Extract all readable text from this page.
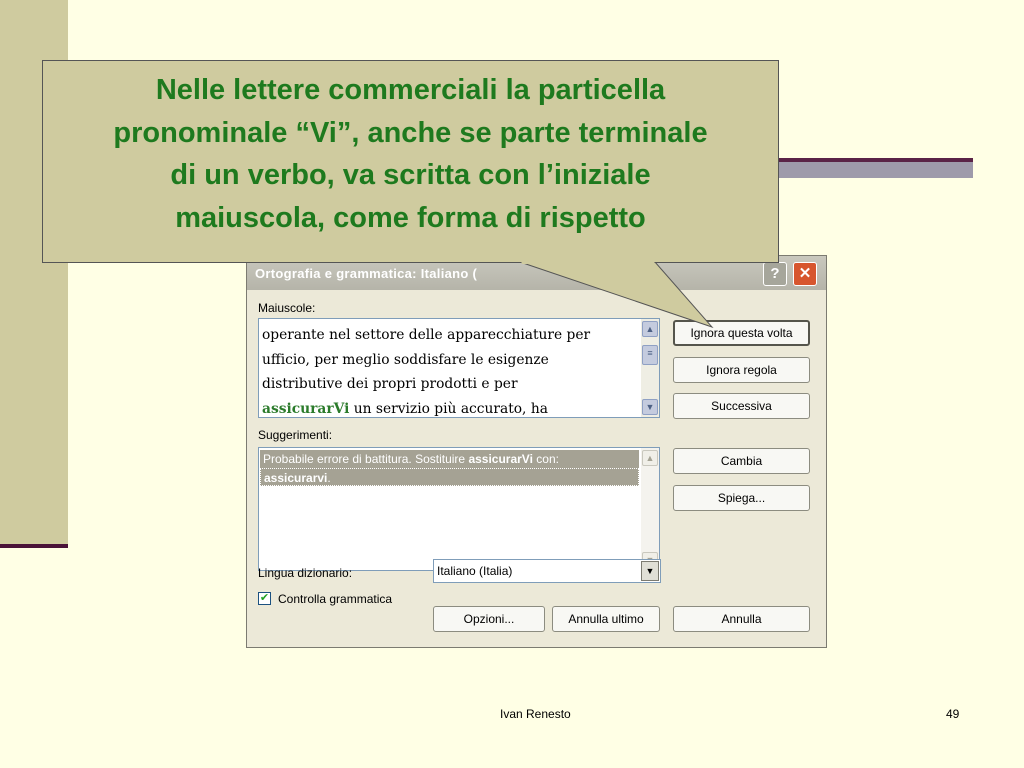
Ortografia e grammatica: Italiano (	?	✕
Maiuscole:
operante nel settore delle apparecchiature per
ufficio, per meglio soddisfare le esigenze
distributive dei propri prodotti e per
assicurarVi un servizio più accurato, ha
▲
≡
▼
Suggerimenti:
Probabile errore di battitura. Sostituire assicurarVi con:
assicurarvi.
▲
Ignora questa volta
Ignora regola
Successiva
Cambia
Spiega...
Lingua dizionario:	Italiano (Italia)	▼
✔ Controlla grammatica
Opzioni...	Annulla ultimo	Annulla
Nelle lettere commerciali la particella
pronominale “Vi”, anche se parte terminale
di un verbo, va scritta con l’iniziale
maiuscola, come forma di rispetto
Ivan Renesto	49
